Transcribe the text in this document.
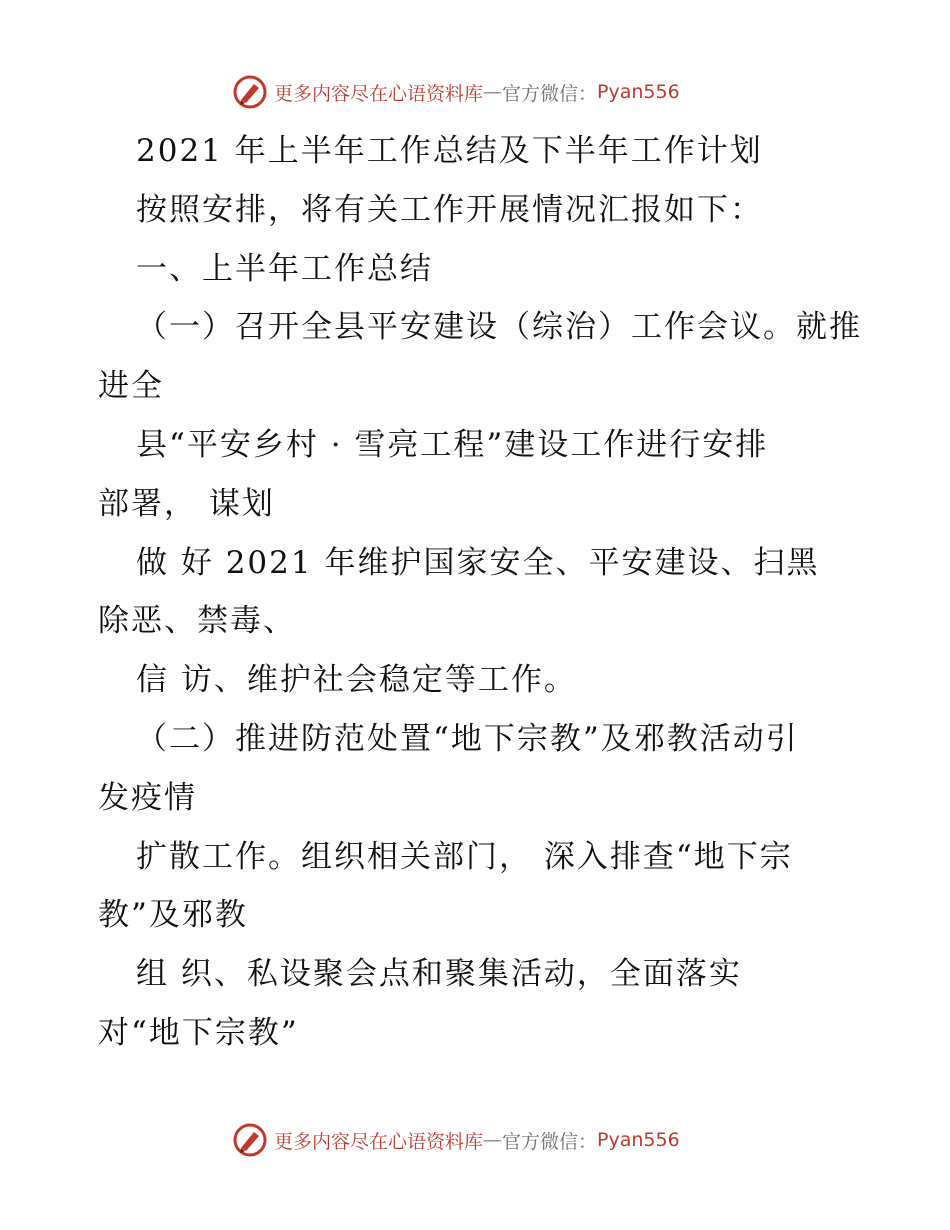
更多内容尽在心语资料库 — 官方微信： Pyan556
2021 年上半年工作总结及下半年工作计划
按照安排，将有关工作开展情况汇报如下：
一、上半年工作总结
（一）召开全县平安建设（综治）工作会议。就推
进全
县“平安乡村 · 雪亮工程”建设工作进行安排
部署， 谋划
做 好 2021 年维护国家安全、平安建设、扫黑
除恶、禁毒、
信 访、维护社会稳定等工作。
（二）推进防范处置“地下宗教”及邪教活动引
发疫情
扩散工作。组织相关部门， 深入排查“地下宗
教”及邪教
组 织、私设聚会点和聚集活动，全面落实
对“地下宗教”
更多内容尽在心语资料库 — 官方微信： Pyan556
